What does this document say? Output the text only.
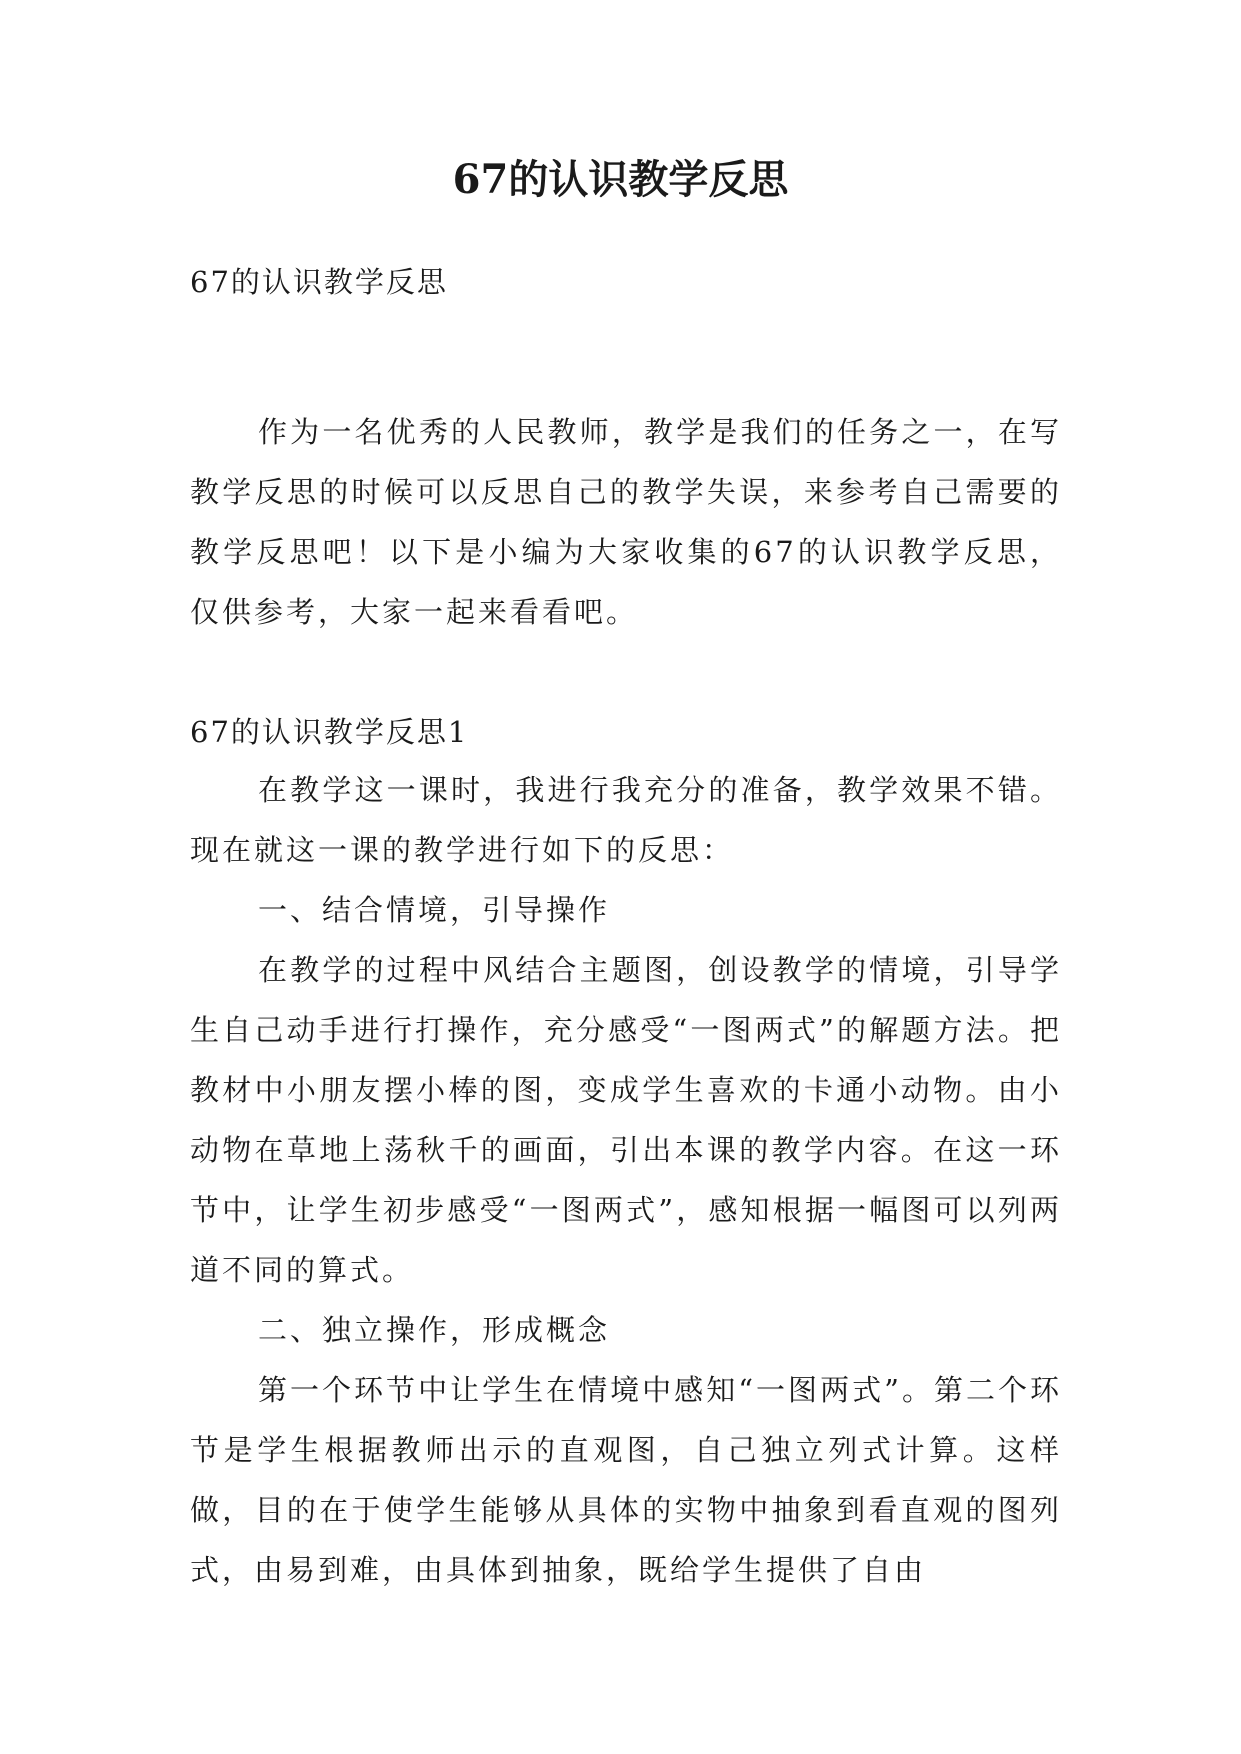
67的认识教学反思

67的认识教学反思

作为一名优秀的人民教师，教学是我们的任务之一，在写教学反思的时候可以反思自己的教学失误，来参考自己需要的教学反思吧！以下是小编为大家收集的67的认识教学反思，仅供参考，大家一起来看看吧。

67的认识教学反思1

在教学这一课时，我进行我充分的准备，教学效果不错。现在就这一课的教学进行如下的反思：

一、结合情境，引导操作

在教学的过程中风结合主题图，创设教学的情境，引导学生自己动手进行打操作，充分感受“一图两式”的解题方法。把教材中小朋友摆小棒的图，变成学生喜欢的卡通小动物。由小动物在草地上荡秋千的画面，引出本课的教学内容。在这一环节中，让学生初步感受“一图两式”，感知根据一幅图可以列两道不同的算式。

二、独立操作，形成概念

第一个环节中让学生在情境中感知“一图两式”。第二个环节是学生根据教师出示的直观图，自己独立列式计算。这样做，目的在于使学生能够从具体的实物中抽象到看直观的图列式，由易到难，由具体到抽象，既给学生提供了自由
